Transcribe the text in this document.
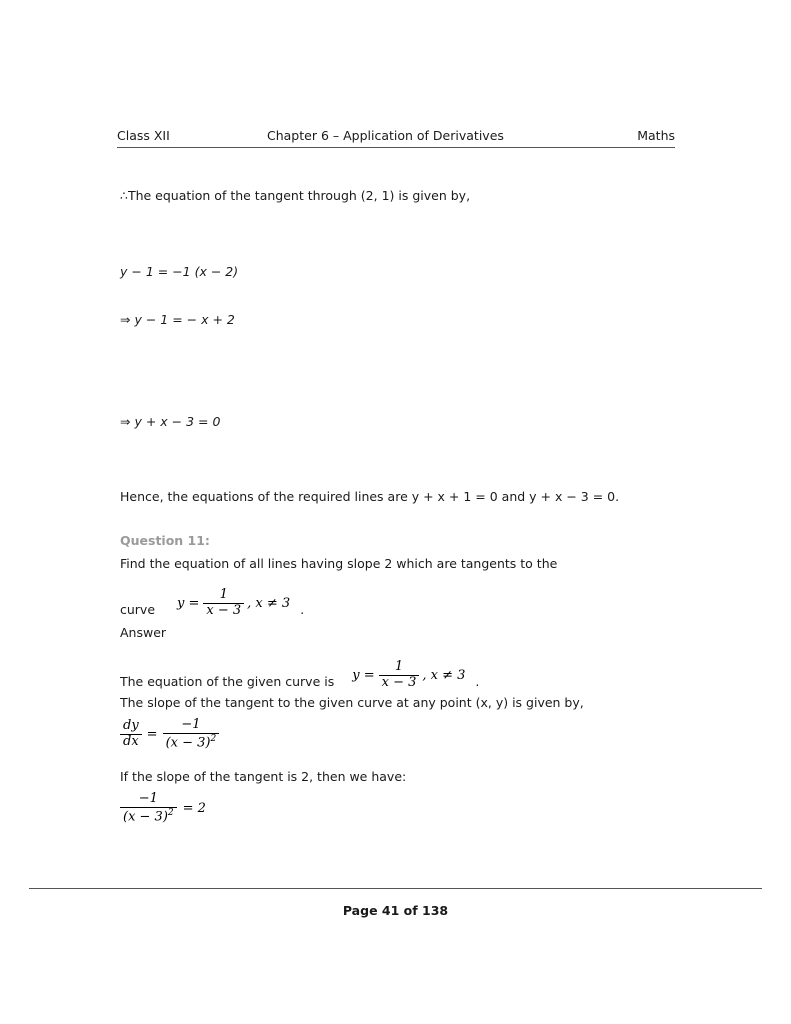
Class XII	Chapter 6 – Application of Derivatives	Maths
∴The equation of the tangent through (2, 1) is given by,
y − 1 = −1 (x − 2)
⇒ y − 1 = − x + 2
⇒ y + x − 3 = 0
Hence, the equations of the required lines are y + x + 1 = 0 and y + x − 3 = 0.
Question 11:
Find the equation of all lines having slope 2 which are tangents to the
curve $y = \frac{1}{x - 3}$ , x ≠ 3 .
Answer
The equation of the given curve is $y = \frac{1}{x - 3}$ , x ≠ 3 .
The slope of the tangent to the given curve at any point (x, y) is given by,
$\frac{dy}{dx} = \frac{-1}{(x - 3)^2}$
If the slope of the tangent is 2, then we have:
$\frac{-1}{(x - 3)^2} = 2$
Page 41 of 138
